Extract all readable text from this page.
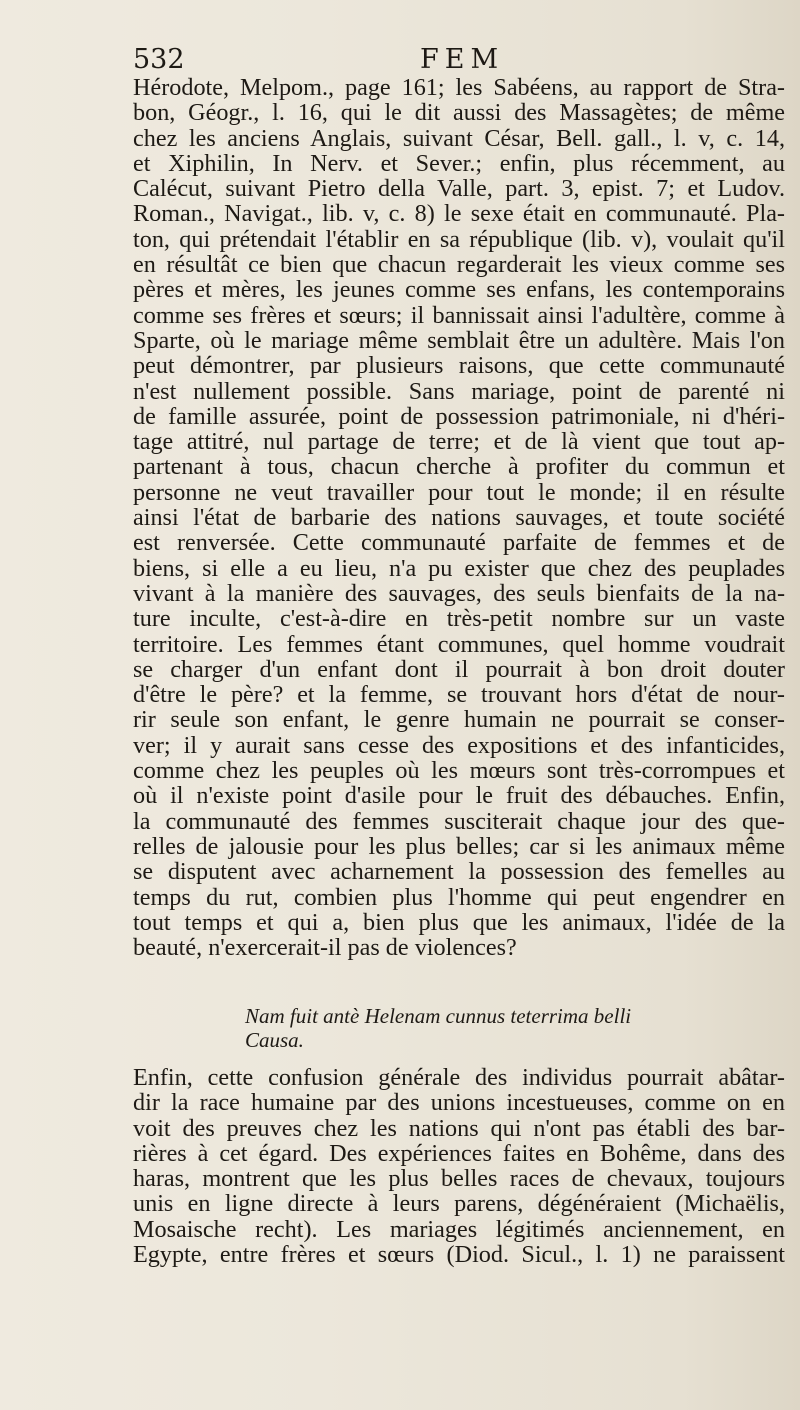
532	FEM
Hérodote, Melpom., page 161; les Sabéens, au rapport de Stra-
bon, Géogr., l. 16, qui le dit aussi des Massagètes; de même
chez les anciens Anglais, suivant César, Bell. gall., l. v, c. 14,
et Xiphilin, In Nerv. et Sever.; enfin, plus récemment, au
Calécut, suivant Pietro della Valle, part. 3, epist. 7; et Ludov.
Roman., Navigat., lib. v, c. 8) le sexe était en communauté. Pla-
ton, qui prétendait l'établir en sa république (lib. v), voulait qu'il
en résultât ce bien que chacun regarderait les vieux comme ses
pères et mères, les jeunes comme ses enfans, les contemporains
comme ses frères et sœurs; il bannissait ainsi l'adultère, comme à
Sparte, où le mariage même semblait être un adultère. Mais l'on
peut démontrer, par plusieurs raisons, que cette communauté
n'est nullement possible. Sans mariage, point de parenté ni
de famille assurée, point de possession patrimoniale, ni d'héri-
tage attitré, nul partage de terre; et de là vient que tout ap-
partenant à tous, chacun cherche à profiter du commun et
personne ne veut travailler pour tout le monde; il en résulte
ainsi l'état de barbarie des nations sauvages, et toute société
est renversée. Cette communauté parfaite de femmes et de
biens, si elle a eu lieu, n'a pu exister que chez des peuplades
vivant à la manière des sauvages, des seuls bienfaits de la na-
ture inculte, c'est-à-dire en très-petit nombre sur un vaste
territoire. Les femmes étant communes, quel homme voudrait
se charger d'un enfant dont il pourrait à bon droit douter
d'être le père? et la femme, se trouvant hors d'état de nour-
rir seule son enfant, le genre humain ne pourrait se conser-
ver; il y aurait sans cesse des expositions et des infanticides,
comme chez les peuples où les mœurs sont très-corrompues et
où il n'existe point d'asile pour le fruit des débauches. Enfin,
la communauté des femmes susciterait chaque jour des que-
relles de jalousie pour les plus belles; car si les animaux même
se disputent avec acharnement la possession des femelles au
temps du rut, combien plus l'homme qui peut engendrer en
tout temps et qui a, bien plus que les animaux, l'idée de la
beauté, n'exercerait-il pas de violences?
Nam fuit antè Helenam cunnus teterrima belli
Causa.
Enfin, cette confusion générale des individus pourrait abâtar-
dir la race humaine par des unions incestueuses, comme on en
voit des preuves chez les nations qui n'ont pas établi des bar-
rières à cet égard. Des expériences faites en Bohême, dans des
haras, montrent que les plus belles races de chevaux, toujours
unis en ligne directe à leurs parens, dégénéraient (Michaëlis,
Mosaische recht). Les mariages légitimés anciennement, en
Egypte, entre frères et sœurs (Diod. Sicul., l. 1) ne paraissent
